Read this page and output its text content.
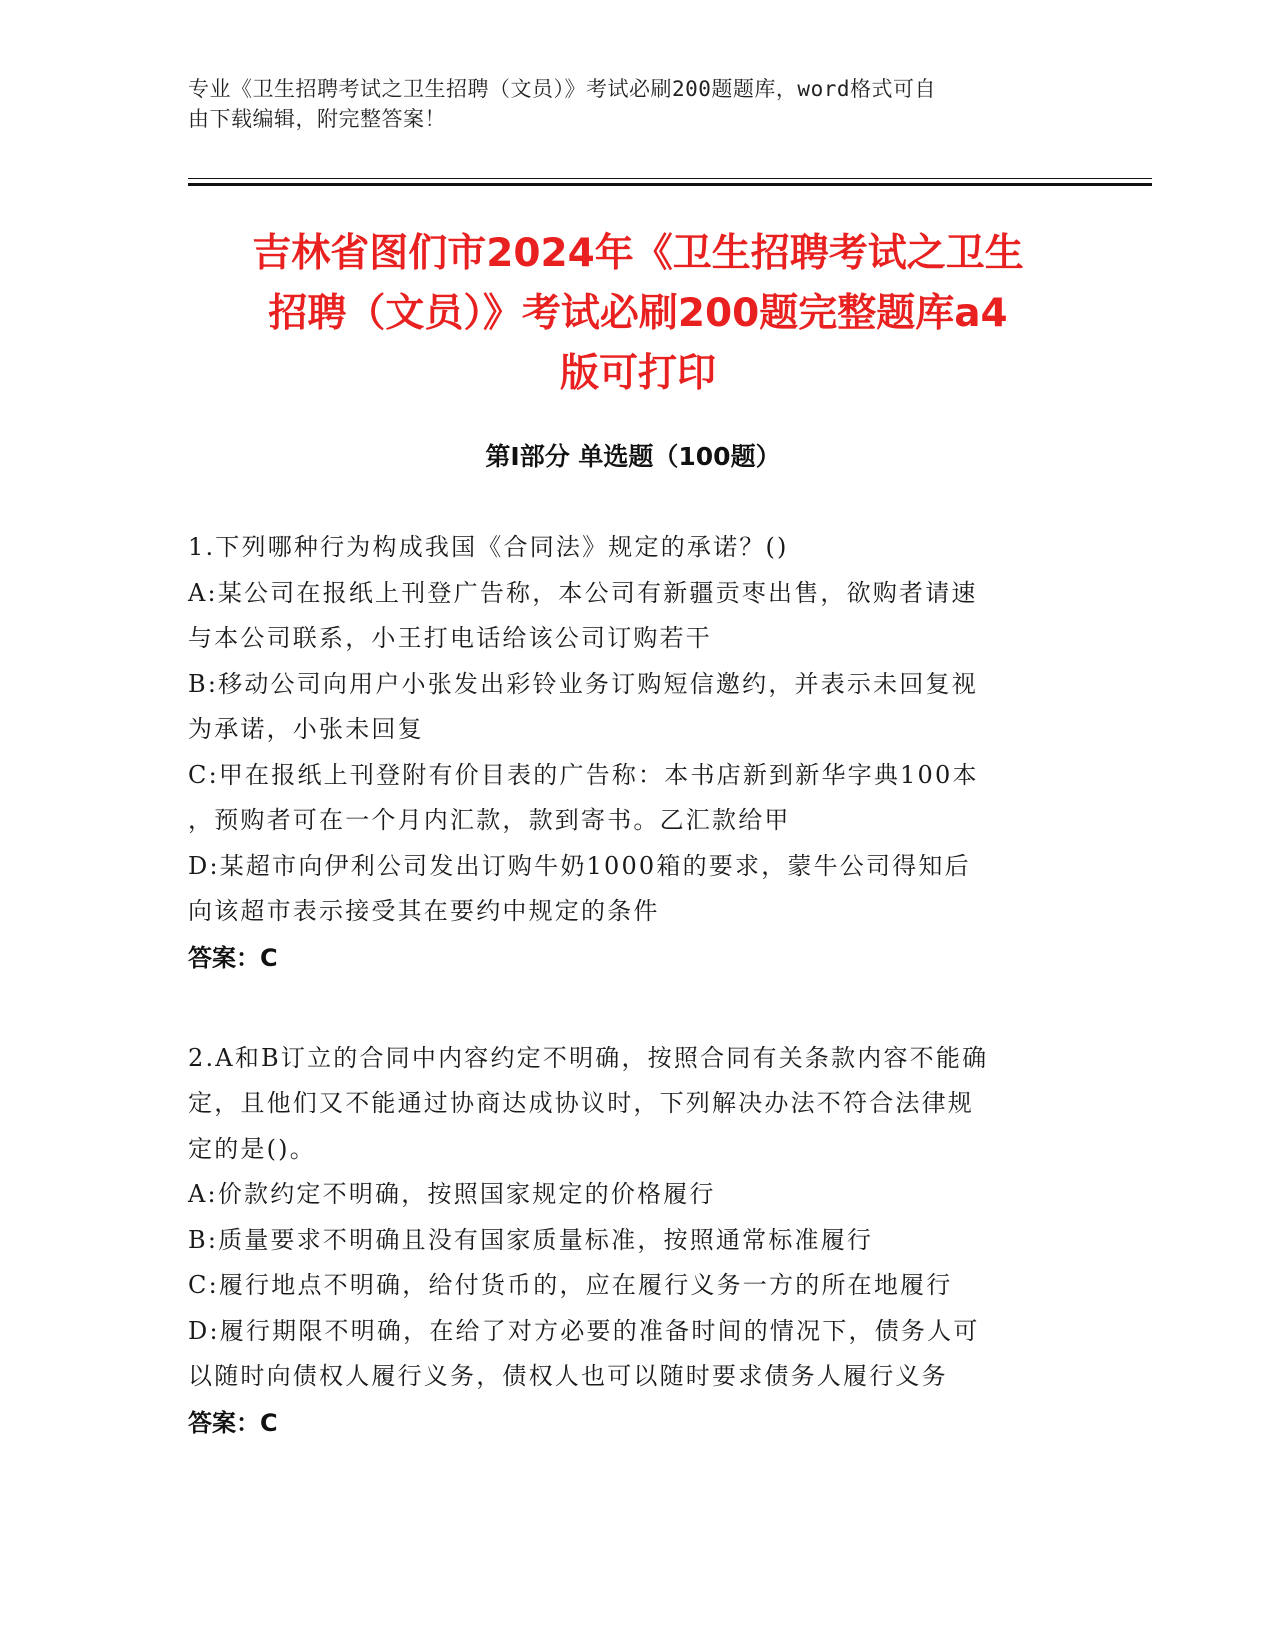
专业《卫生招聘考试之卫生招聘（文员）》考试必刷200题题库，word格式可自
由下载编辑，附完整答案！
吉林省图们市2024年《卫生招聘考试之卫生
招聘（文员）》考试必刷200题完整题库a4
版可打印
第Ⅰ部分 单选题（100题）

1.下列哪种行为构成我国《合同法》规定的承诺？()

A:某公司在报纸上刊登广告称，本公司有新疆贡枣出售，欲购者请速

与本公司联系，小王打电话给该公司订购若干

B:移动公司向用户小张发出彩铃业务订购短信邀约，并表示未回复视

为承诺，小张未回复

C:甲在报纸上刊登附有价目表的广告称：本书店新到新华字典100本

，预购者可在一个月内汇款，款到寄书。乙汇款给甲

D:某超市向伊利公司发出订购牛奶1000箱的要求，蒙牛公司得知后

向该超市表示接受其在要约中规定的条件

答案：C

2.A和B订立的合同中内容约定不明确，按照合同有关条款内容不能确

定，且他们又不能通过协商达成协议时，下列解决办法不符合法律规

定的是()。

A:价款约定不明确，按照国家规定的价格履行

B:质量要求不明确且没有国家质量标准，按照通常标准履行

C:履行地点不明确，给付货币的，应在履行义务一方的所在地履行

D:履行期限不明确，在给了对方必要的准备时间的情况下，债务人可

以随时向债权人履行义务，债权人也可以随时要求债务人履行义务

答案：C
